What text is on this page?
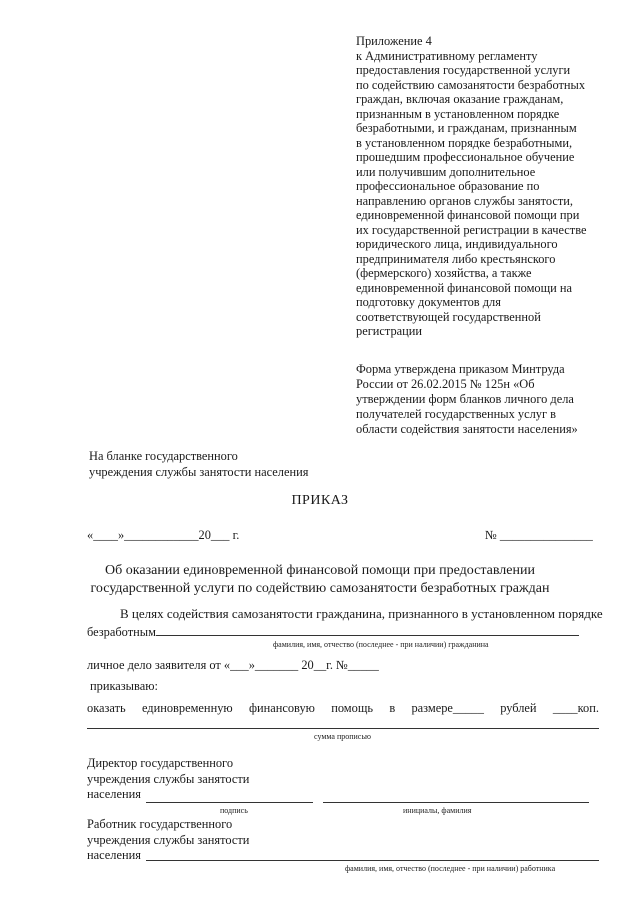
Приложение 4
к Административному регламенту
предоставления государственной услуги
по содействию самозанятости безработных
граждан, включая оказание гражданам,
признанным в установленном порядке
безработными, и гражданам, признанным
в установленном порядке безработными,
прошедшим профессиональное обучение
или получившим дополнительное
профессиональное образование по
направлению органов службы занятости,
единовременной финансовой помощи при
их государственной регистрации в качестве
юридического лица, индивидуального
предпринимателя либо крестьянского
(фермерского) хозяйства, а также
единовременной финансовой помощи на
подготовку документов для
соответствующей государственной
регистрации
Форма утверждена приказом Минтруда
России от 26.02.2015 № 125н «Об
утверждении форм бланков личного дела
получателей государственных услуг в
области содействия занятости населения»
На бланке государственного
учреждения службы занятости населения
ПРИКАЗ
«____»____________20___ г.	№ _______________
Об оказании единовременной финансовой помощи при предоставлении
государственной услуги по содействию самозанятости безработных граждан
В целях содействия самозанятости гражданина, признанного в установленном порядке
безработным
фамилия, имя, отчество (последнее - при наличии) гражданина
личное дело заявителя от «___»_______ 20__г. №_____
приказываю:
оказать единовременную финансовую помощь в размере_____ рублей ____коп.
сумма прописью
Директор государственного
учреждения службы занятости
населения
подпись	инициалы, фамилия
Работник государственного
учреждения службы занятости
населения
фамилия, имя, отчество (последнее - при наличии) работника
